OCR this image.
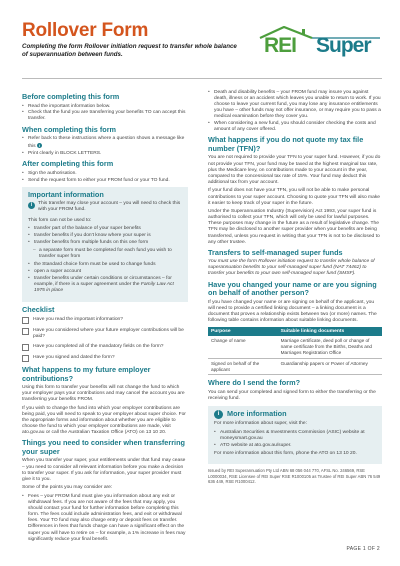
Rollover Form
Completing the form Rollover initiation request to transfer whole balance of superannuation between funds.	REI Super
Before completing this form
• Read the important information below.
• Check that the fund you are transferring your benefits TO can accept this transfer.
When completing this form
• Refer back to these instructions where a question shows a message like this i
• Print clearly in BLOCK LETTERS.
After completing this form
• Sign the authorisation.
• Send the request form to either your FROM fund or your TO fund.
Important information
i	This transfer may close your account – you will need to check this with your FROM fund.

This form can not be used to:

• transfer part of the balance of your super benefits
• transfer benefits if you don't know where your super is
• transfer benefits from multiple funds on this one form
– a separate form must be completed for each fund you wish to transfer super from
• the Standard choice form must be used to change funds
• open a super account
• transfer benefits under certain conditions or circumstances – for example, if there is a super agreement under the Family Law Act 1975 in place
Checklist
Have you read the important information?
Have you considered where your future employer contributions will be paid?
Have you completed all of the mandatory fields on the form?
Have you signed and dated the form?
What happens to my future employer contributions?

Using this form to transfer your benefits will not change the fund to which your employer pays your contributions and may cancel the account you are transferring your benefits FROM.

If you wish to change the fund into which your employer contributions are being paid, you will need to speak to your employer about super choice. For the appropriate forms and information about whether you are eligible to choose the fund to which your employer contributions are made, visit ato.gov.au or call the Australian Taxation Office (ATO) on 13 10 20.

Things you need to consider when transferring your super

When you transfer your super, your entitlements under that fund may cease – you need to consider all relevant information before you make a decision to transfer your super. If you ask for information, your super provider must give it to you.

Some of the points you may consider are:

• Fees – your FROM fund must give you information about any exit or withdrawal fees. If you are not aware of the fees that may apply, you should contact your fund for further information before completing this form. The fees could include administration fees, and exit or withdrawal fees. Your TO fund may also charge entry or deposit fees on transfer. Differences in fees that funds charge can have a significant effect on the super you will have to retire on – for example, a 1% increase in fees may significantly reduce your final benefit.
• Death and disability benefits – your FROM fund may insure you against death, illness or an accident which leaves you unable to return to work. If you choose to leave your current fund, you may lose any insurance entitlements you have – other funds may not offer insurance, or may require you to pass a medical examination before they cover you.
• When considering a new fund, you should consider checking the costs and amount of any cover offered.
What happens if you do not quote my tax file number (TFN)?

You are not required to provide your TFN to your super fund. However, if you do not provide your TFN, your fund may be taxed at the highest marginal tax rate, plus the Medicare levy, on contributions made to your account in the year, compared to the concessional tax rate of 15%. Your fund may deduct this additional tax from your account.

If your fund does not have your TFN, you will not be able to make personal contributions to your super account. Choosing to quote your TFN will also make it easier to keep track of your super in the future.

Under the Superannuation Industry (Supervision) Act 1993, your super fund is authorised to collect your TFN, which will only be used for lawful purposes. These purposes may change in the future as a result of legislative change. The TFN may be disclosed to another super provider when your benefits are being transferred, unless you request in writing that your TFN is not to be disclosed to any other trustee.

Transfers to self-managed super funds

You must use the form Rollover initiation request to transfer whole balance of superannuation benefits to your self-managed super fund (NAT 74462) to transfer your benefits to your own self-managed super fund (SMSF).

Have you changed your name or are you signing on behalf of another person?

If you have changed your name or are signing on behalf of the applicant, you will need to provide a certified linking document – a linking document is a document that proves a relationship exists between two (or more) names. The following table contains information about suitable linking documents.

Purpose	Suitable linking documents
Change of name	Marriage certificate, deed poll or change of name certificate from the Births, Deaths and Marriages Registration Office
Signed on behalf of the applicant	Guardianship papers or Power of Attorney
Where do I send the form?

You can send your completed and signed form to either the transferring or the receiving fund.

i	More information

For more information about super, visit the:

• Australian Securities & Investments Commission (ASIC) website at moneysmart.gov.au
• ATO website at ato.gov.au/super.

For more information about this form, phone the ATO on 13 10 20.

Issued by REI Superannuation Pty Ltd ABN 68 056 044 770, AFSL No. 246569, RSE L0000034, RSE Licensee of REI Super RSE R1000105 as Trustee of REI Super ABN 76 549 636 449, RSE R1000412.

PAGE 1 OF 2
